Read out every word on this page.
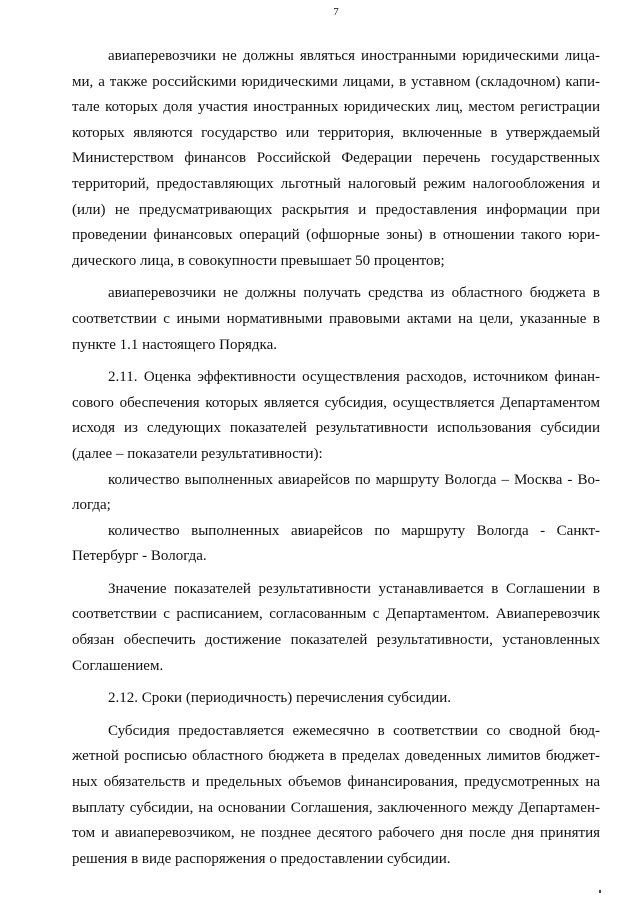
7

авиаперевозчики не должны являться иностранными юридическими лицами, а также российскими юридическими лицами, в уставном (складочном) капитале которых доля участия иностранных юридических лиц, местом регистрации которых являются государство или территория, включенные в утверждаемый Министерством финансов Российской Федерации перечень государственных территорий, предоставляющих льготный налоговый режим налогообложения и (или) не предусматривающих раскрытия и предоставления информации при проведении финансовых операций (офшорные зоны) в отношении такого юридического лица, в совокупности превышает 50 процентов;

авиаперевозчики не должны получать средства из областного бюджета в соответствии с иными нормативными правовыми актами на цели, указанные в пункте 1.1 настоящего Порядка.

2.11. Оценка эффективности осуществления расходов, источником финансового обеспечения которых является субсидия, осуществляется Департаментом исходя из следующих показателей результативности использования субсидии (далее – показатели результативности):

количество выполненных авиарейсов по маршруту Вологда – Москва - Вологда;

количество выполненных авиарейсов по маршруту Вологда - Санкт-Петербург - Вологда.

Значение показателей результативности устанавливается в Соглашении в соответствии с расписанием, согласованным с Департаментом. Авиаперевозчик обязан обеспечить достижение показателей результативности, установленных Соглашением.

2.12. Сроки (периодичность) перечисления субсидии.

Субсидия предоставляется ежемесячно в соответствии со сводной бюджетной росписью областного бюджета в пределах доведенных лимитов бюджетных обязательств и предельных объемов финансирования, предусмотренных на выплату субсидии, на основании Соглашения, заключенного между Департаментом и авиаперевозчиком, не позднее десятого рабочего дня после дня принятия решения в виде распоряжения о предоставлении субсидии.
